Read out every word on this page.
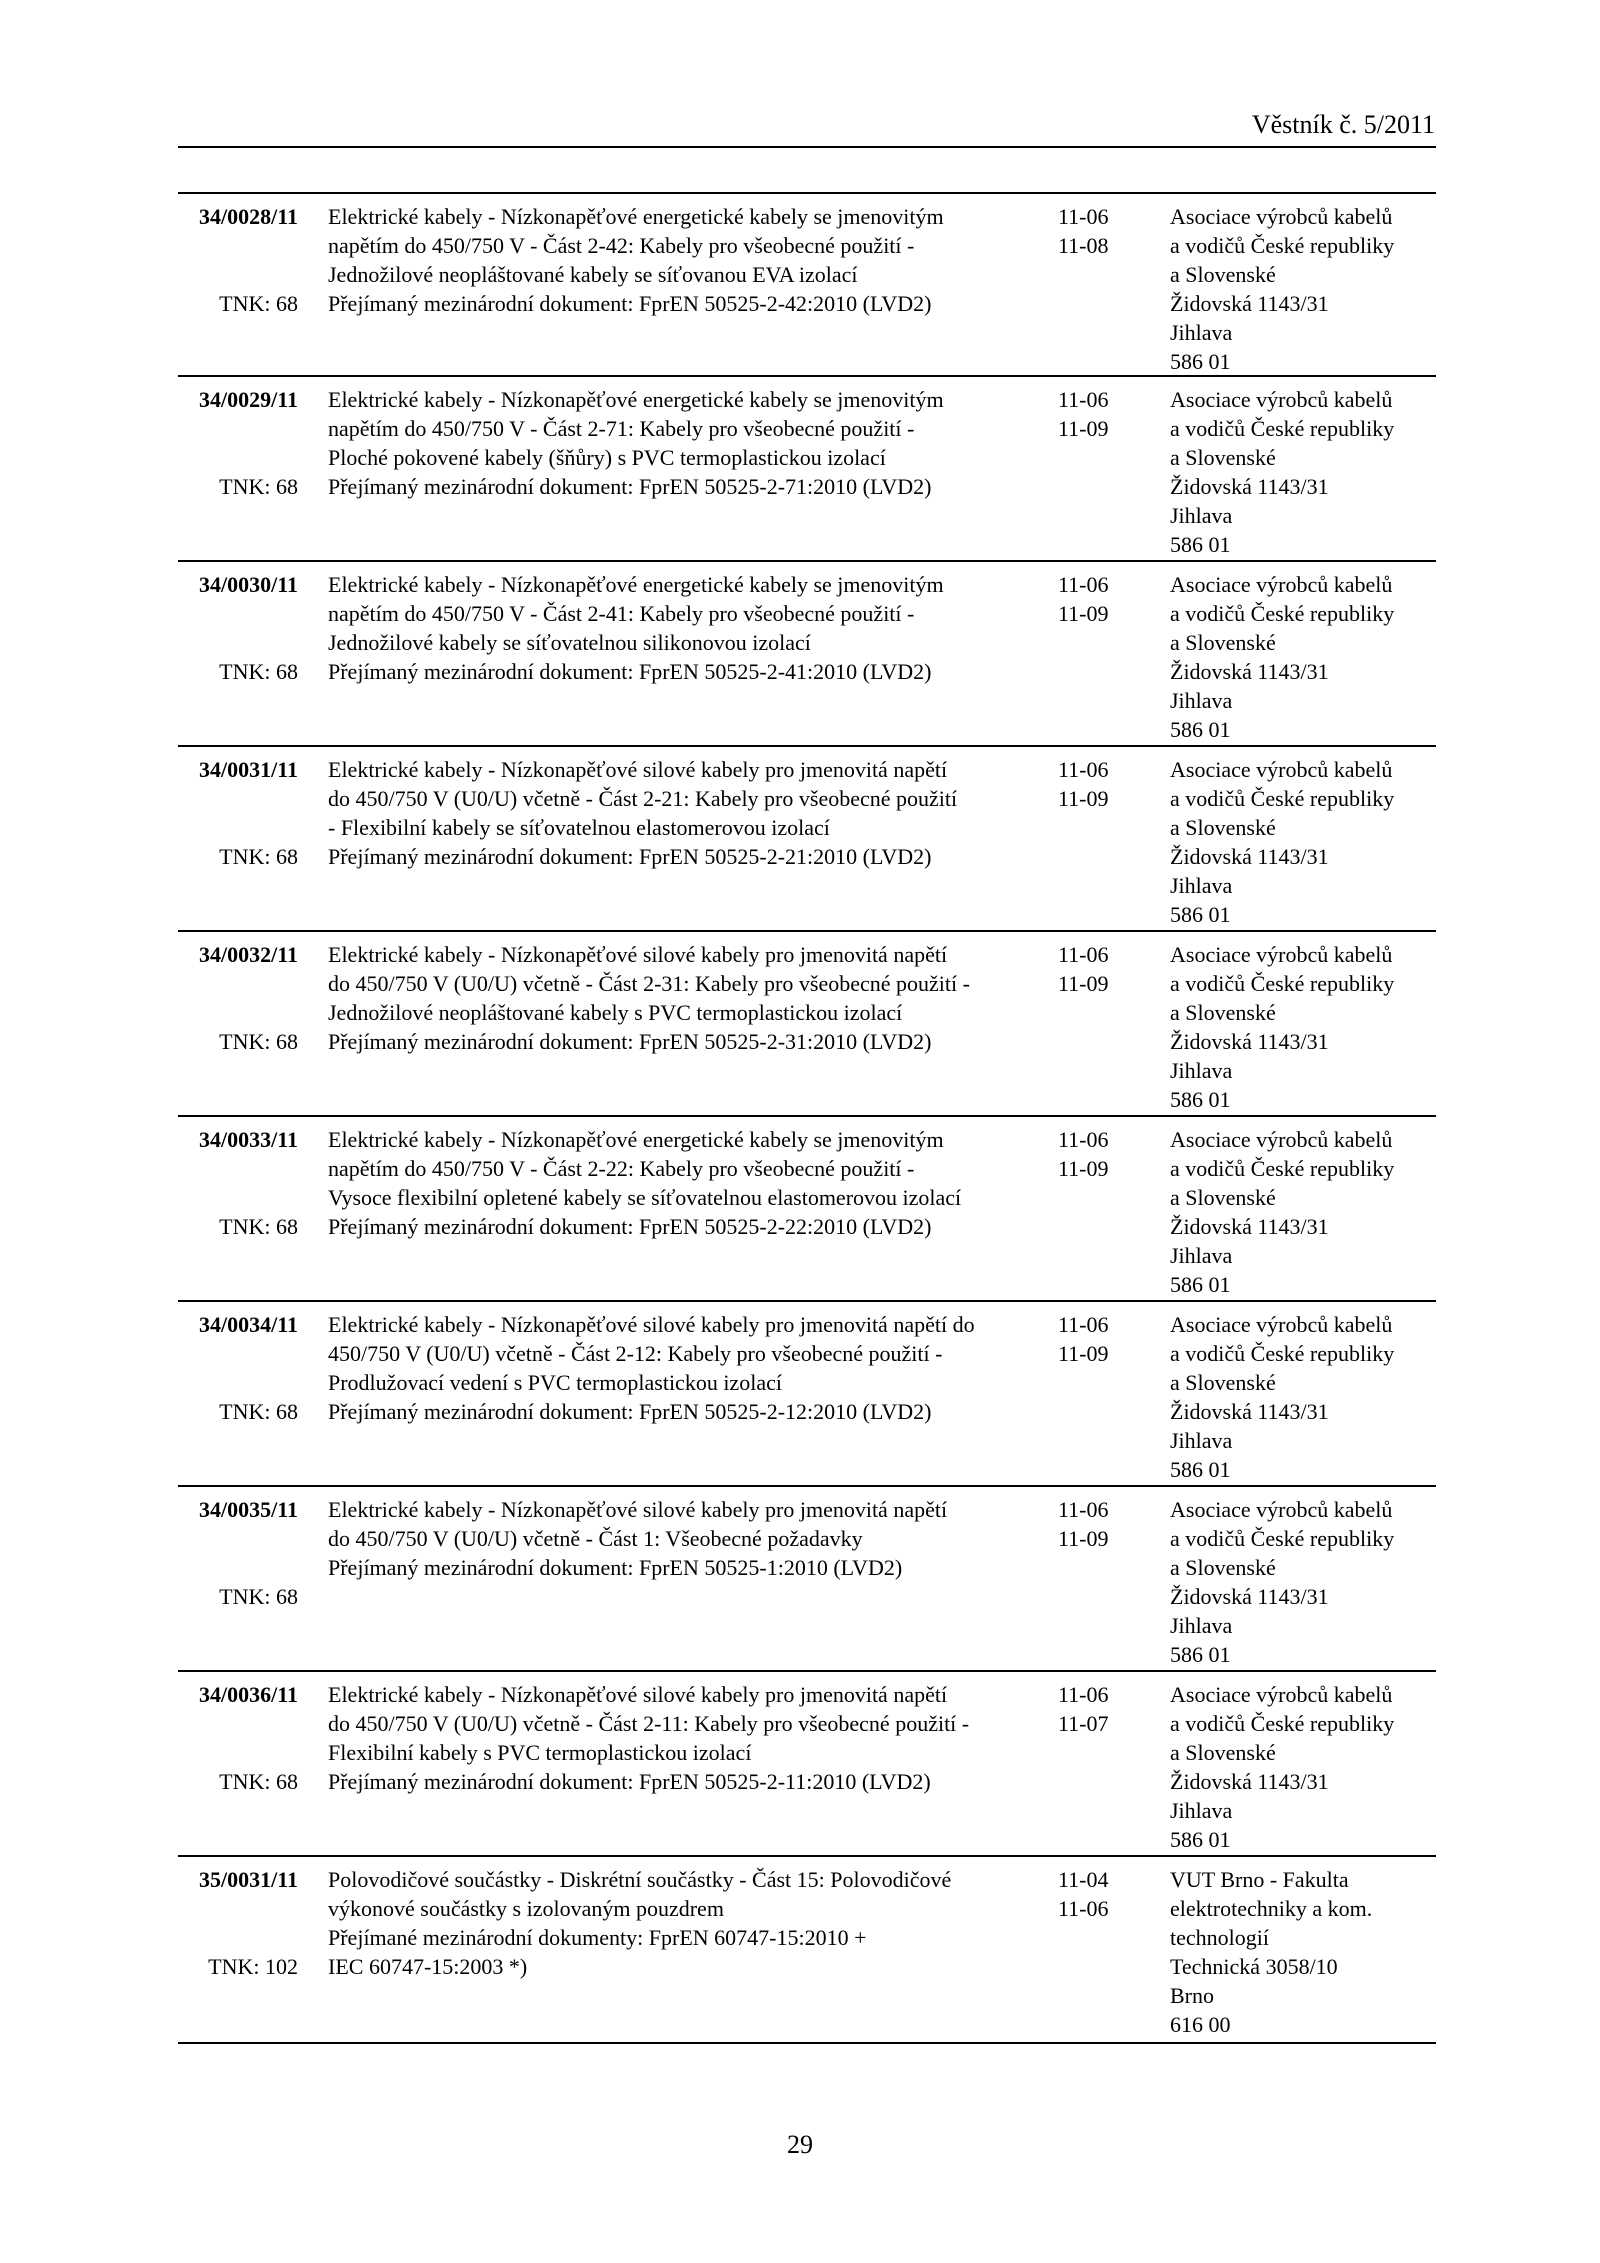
Věstník č. 5/2011
34/0028/11
TNK: 68
Elektrické kabely - Nízkonapěťové energetické kabely se jmenovitým
napětím do 450/750 V - Část 2-42: Kabely pro všeobecné použití -
Jednožilové neopláštované kabely se síťovanou EVA izolací
Přejímaný mezinárodní dokument: FprEN 50525-2-42:2010 (LVD2)
11-06
11-08
Asociace výrobců kabelů
a vodičů České republiky
a Slovenské
Židovská 1143/31
Jihlava
586 01
34/0029/11
TNK: 68
Elektrické kabely - Nízkonapěťové energetické kabely se jmenovitým
napětím do 450/750 V - Část 2-71: Kabely pro všeobecné použití -
Ploché pokovené kabely (šňůry) s PVC termoplastickou izolací
Přejímaný mezinárodní dokument: FprEN 50525-2-71:2010 (LVD2)
11-06
11-09
Asociace výrobců kabelů
a vodičů České republiky
a Slovenské
Židovská 1143/31
Jihlava
586 01
34/0030/11
TNK: 68
Elektrické kabely - Nízkonapěťové energetické kabely se jmenovitým
napětím do 450/750 V - Část 2-41: Kabely pro všeobecné použití -
Jednožilové kabely se síťovatelnou silikonovou izolací
Přejímaný mezinárodní dokument: FprEN 50525-2-41:2010 (LVD2)
11-06
11-09
Asociace výrobců kabelů
a vodičů České republiky
a Slovenské
Židovská 1143/31
Jihlava
586 01
34/0031/11
TNK: 68
Elektrické kabely - Nízkonapěťové silové kabely pro jmenovitá napětí
do 450/750 V (U0/U) včetně - Část 2-21: Kabely pro všeobecné použití
- Flexibilní kabely se síťovatelnou elastomerovou izolací
Přejímaný mezinárodní dokument: FprEN 50525-2-21:2010 (LVD2)
11-06
11-09
Asociace výrobců kabelů
a vodičů České republiky
a Slovenské
Židovská 1143/31
Jihlava
586 01
34/0032/11
TNK: 68
Elektrické kabely - Nízkonapěťové silové kabely pro jmenovitá napětí
do 450/750 V (U0/U) včetně - Část 2-31: Kabely pro všeobecné použití -
Jednožilové neopláštované kabely s PVC termoplastickou izolací
Přejímaný mezinárodní dokument: FprEN 50525-2-31:2010 (LVD2)
11-06
11-09
Asociace výrobců kabelů
a vodičů České republiky
a Slovenské
Židovská 1143/31
Jihlava
586 01
34/0033/11
TNK: 68
Elektrické kabely - Nízkonapěťové energetické kabely se jmenovitým
napětím do 450/750 V - Část 2-22: Kabely pro všeobecné použití -
Vysoce flexibilní opletené kabely se síťovatelnou elastomerovou izolací
Přejímaný mezinárodní dokument: FprEN 50525-2-22:2010 (LVD2)
11-06
11-09
Asociace výrobců kabelů
a vodičů České republiky
a Slovenské
Židovská 1143/31
Jihlava
586 01
34/0034/11
TNK: 68
Elektrické kabely - Nízkonapěťové silové kabely pro jmenovitá napětí do
450/750 V (U0/U) včetně - Část 2-12: Kabely pro všeobecné použití -
Prodlužovací vedení s PVC termoplastickou izolací
Přejímaný mezinárodní dokument: FprEN 50525-2-12:2010 (LVD2)
11-06
11-09
Asociace výrobců kabelů
a vodičů České republiky
a Slovenské
Židovská 1143/31
Jihlava
586 01
34/0035/11
TNK: 68
Elektrické kabely - Nízkonapěťové silové kabely pro jmenovitá napětí
do 450/750 V (U0/U) včetně - Část 1: Všeobecné požadavky
Přejímaný mezinárodní dokument: FprEN 50525-1:2010 (LVD2)
11-06
11-09
Asociace výrobců kabelů
a vodičů České republiky
a Slovenské
Židovská 1143/31
Jihlava
586 01
34/0036/11
TNK: 68
Elektrické kabely - Nízkonapěťové silové kabely pro jmenovitá napětí
do 450/750 V (U0/U) včetně - Část 2-11: Kabely pro všeobecné použití -
Flexibilní kabely s PVC termoplastickou izolací
Přejímaný mezinárodní dokument: FprEN 50525-2-11:2010 (LVD2)
11-06
11-07
Asociace výrobců kabelů
a vodičů České republiky
a Slovenské
Židovská 1143/31
Jihlava
586 01
35/0031/11
TNK: 102
Polovodičové součástky - Diskrétní součástky - Část 15: Polovodičové
výkonové součástky s izolovaným pouzdrem
Přejímané mezinárodní dokumenty: FprEN 60747-15:2010 +
IEC 60747-15:2003 *)
11-04
11-06
VUT Brno - Fakulta
elektrotechniky a kom.
technologií
Technická 3058/10
Brno
616 00
29
